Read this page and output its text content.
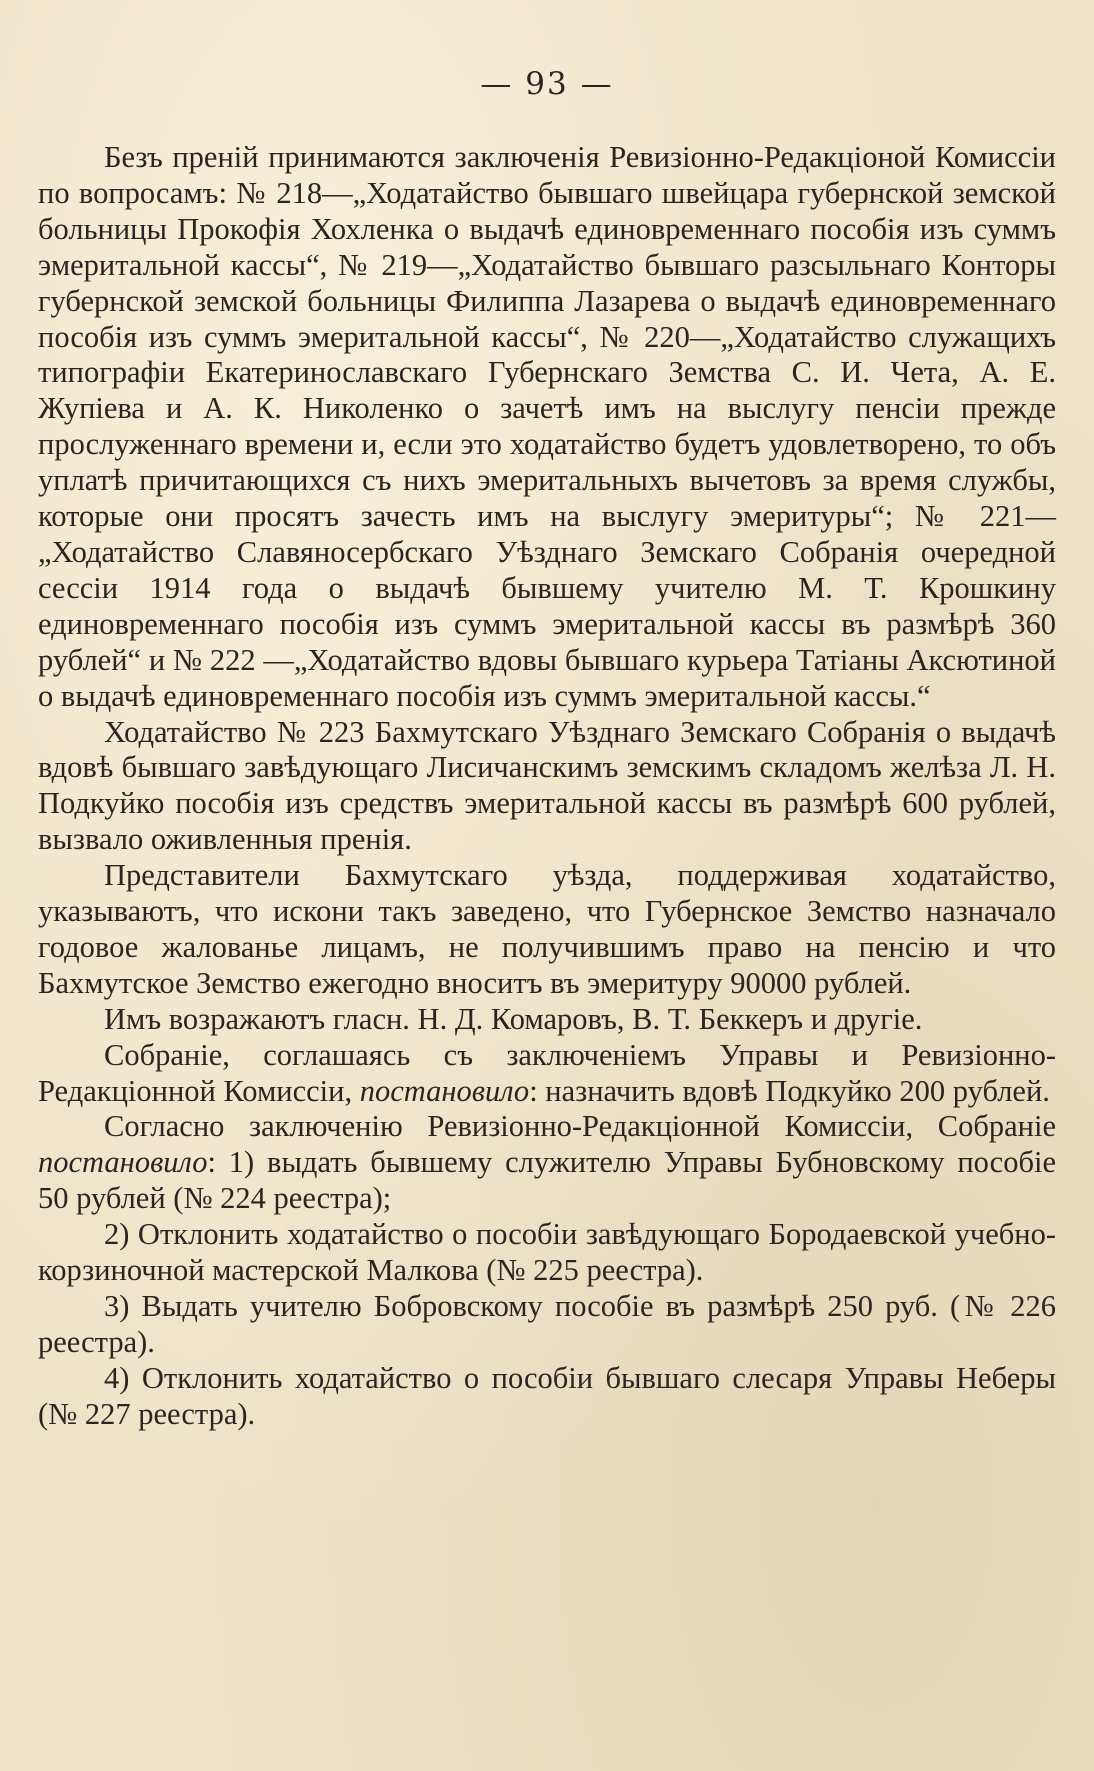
— 93 —

Безъ преній принимаются заключенія Ревизіонно-Редакціоной Комиссіи по вопросамъ: № 218—„Ходатайство бывшаго швейцара губернской земской больницы Прокофія Хохленка о выдачѣ единовременнаго пособія изъ суммъ эмеритальной кассы“, № 219—„Ходатайство бывшаго разсыльнаго Конторы губернской земской больницы Филиппа Лазарева о выдачѣ единовременнаго пособія изъ суммъ эмеритальной кассы“, № 220—„Ходатайство служащихъ типографіи Екатеринославскаго Губернскаго Земства С. И. Чета, А. Е. Жупіева и А. К. Николенко о зачетѣ имъ на выслугу пенсіи прежде прослуженнаго времени и, если это ходатайство будетъ удовлетворено, то объ уплатѣ причитающихся съ нихъ эмеритальныхъ вычетовъ за время службы, которые они просятъ зачесть имъ на выслугу эмеритуры“; № 221—„Ходатайство Славяносербскаго Уѣзднаго Земскаго Собранія очередной сессіи 1914 года о выдачѣ бывшему учителю М. Т. Крошкину единовременнаго пособія изъ суммъ эмеритальной кассы въ размѣрѣ 360 рублей“ и № 222 —„Ходатайство вдовы бывшаго курьера Татіаны Аксютиной о выдачѣ единовременнаго пособія изъ суммъ эмеритальной кассы.“

Ходатайство № 223 Бахмутскаго Уѣзднаго Земскаго Собранія о выдачѣ вдовѣ бывшаго завѣдующаго Лисичанскимъ земскимъ складомъ желѣза Л. Н. Подкуйко пособія изъ средствъ эмеритальной кассы въ размѣрѣ 600 рублей, вызвало оживленныя пренія.

Представители Бахмутскаго уѣзда, поддерживая ходатайство, указываютъ, что искони такъ заведено, что Губернское Земство назначало годовое жалованье лицамъ, не получившимъ право на пенсію и что Бахмутское Земство ежегодно вноситъ въ эмеритуру 90000 рублей.

Имъ возражаютъ гласн. Н. Д. Комаровъ, В. Т. Беккеръ и другіе.

Собраніе, соглашаясь съ заключеніемъ Управы и Ревизіонно-Редакціонной Комиссіи, постановило: назначить вдовѣ Подкуйко 200 рублей.

Согласно заключенію Ревизіонно-Редакціонной Комиссіи, Собраніе постановило: 1) выдать бывшему служителю Управы Бубновскому пособіе 50 рублей (№ 224 реестра);

2) Отклонить ходатайство о пособіи завѣдующаго Бородаевской учебно-корзиночной мастерской Малкова (№ 225 реестра).

3) Выдать учителю Бобровскому пособіе въ размѣрѣ 250 руб. (№ 226 реестра).

4) Отклонить ходатайство о пособіи бывшаго слесаря Управы Неберы (№ 227 реестра).
